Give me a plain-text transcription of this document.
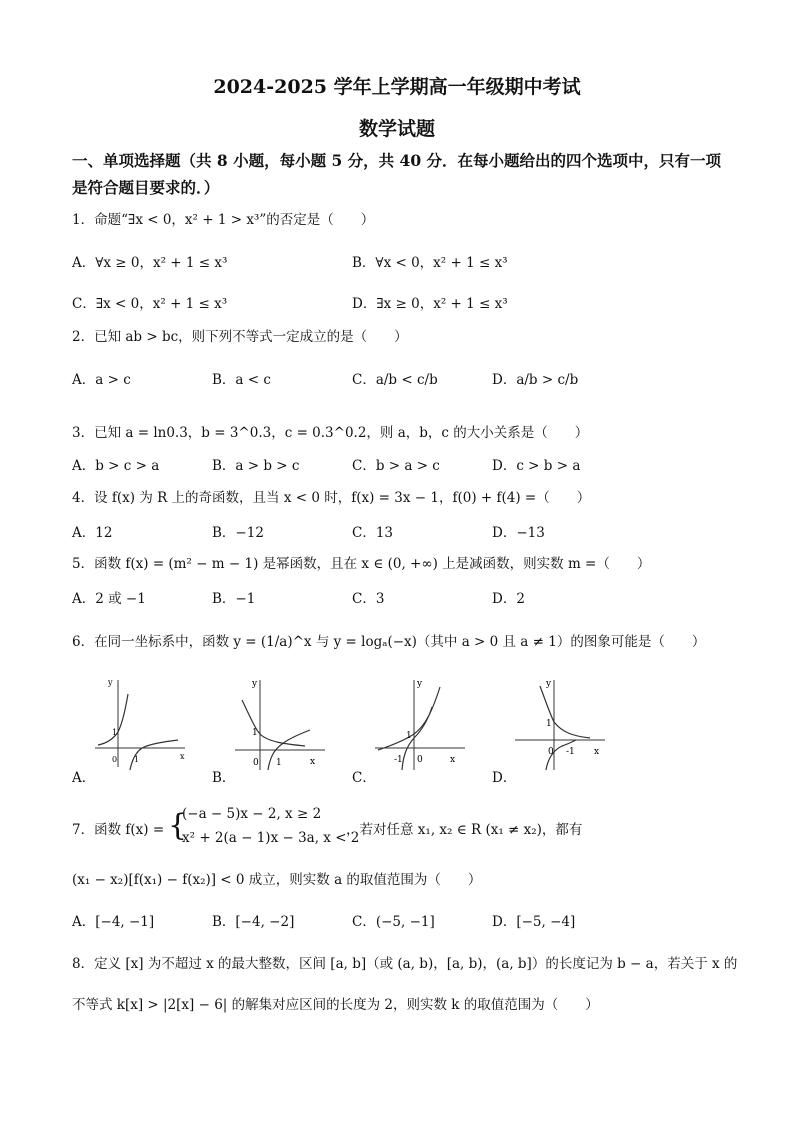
2024-2025 学年上学期高一年级期中考试
数学试题
一、单项选择题（共 8 小题，每小题 5 分，共 40 分．在每小题给出的四个选项中，只有一项
是符合题目要求的．）
1．命题“∃x < 0，x² + 1 > x³”的否定是（　　）
A．∀x ≥ 0，x² + 1 ≤ x³	B．∀x < 0，x² + 1 ≤ x³
C．∃x < 0，x² + 1 ≤ x³	D．∃x ≥ 0，x² + 1 ≤ x³
2．已知 ab > bc，则下列不等式一定成立的是（　　）
A．a > c	B．a < c	C．a/b < c/b	D．a/b > c/b
3．已知 a = ln0.3，b = 3^0.3，c = 0.3^0.2，则 a，b，c 的大小关系是（　　）
A．b > c > a	B．a > b > c	C．b > a > c	D．c > b > a
4．设 f(x) 为 R 上的奇函数，且当 x < 0 时，f(x) = 3x − 1，f(0) + f(4) =（　　）
A．12	B．−12	C．13	D．−13
5．函数 f(x) = (m² − m − 1) 是幂函数，且在 x ∈ (0, +∞) 上是减函数，则实数 m =（　　）
A．2 或 −1	B．−1	C．3	D．2
6．在同一坐标系中，函数 y = (1/a)^x 与 y = logₐ(−x)（其中 a > 0 且 a ≠ 1）的图象可能是（　　）
y
x
1
0 1
A．
y
x
1
0 1
B．
y
x
1
-1 0
C．
y
x
1
0 -1
D．
7．函数 f(x) = {
(−a − 5)x − 2, x ≥ 2
x² + 2(a − 1)x − 3a, x < 2
，若对任意 x₁, x₂ ∈ R (x₁ ≠ x₂)，都有
(x₁ − x₂)[f(x₁) − f(x₂)] < 0 成立，则实数 a 的取值范围为（　　）
A．[−4, −1]	B．[−4, −2]	C．(−5, −1]	D．[−5, −4]
8．定义 [x] 为不超过 x 的最大整数，区间 [a, b]（或 (a, b)，[a, b)，(a, b]）的长度记为 b − a，若关于 x 的
不等式 k[x] > |2[x] − 6| 的解集对应区间的长度为 2，则实数 k 的取值范围为（　　）
